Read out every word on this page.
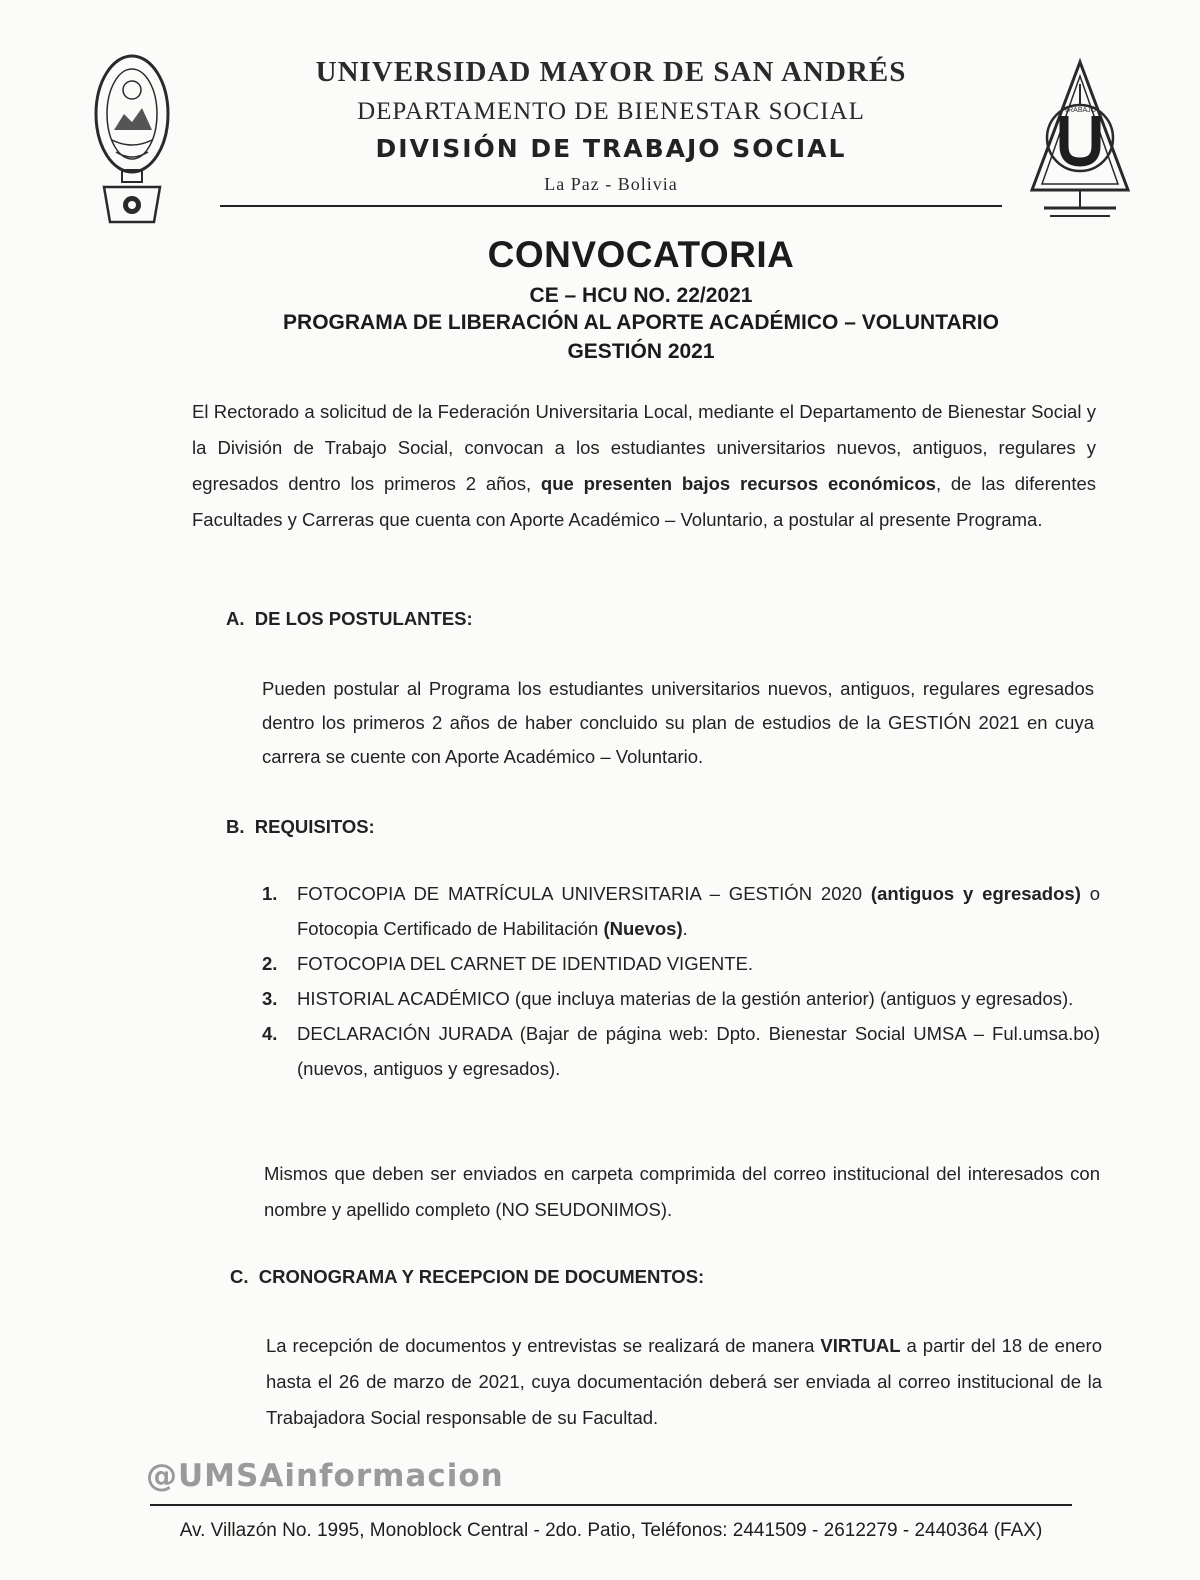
TRABAJO
UNIVERSIDAD MAYOR DE SAN ANDRÉS
DEPARTAMENTO DE BIENESTAR SOCIAL
DIVISIÓN DE TRABAJO SOCIAL
La Paz - Bolivia
CONVOCATORIA
CE – HCU NO. 22/2021
PROGRAMA DE LIBERACIÓN AL APORTE ACADÉMICO – VOLUNTARIO
GESTIÓN 2021
El Rectorado a solicitud de la Federación Universitaria Local, mediante el Departamento de Bienestar Social y la División de Trabajo Social, convocan a los estudiantes universitarios nuevos, antiguos, regulares y egresados dentro los primeros 2 años, que presenten bajos recursos económicos, de las diferentes Facultades y Carreras que cuenta con Aporte Académico – Voluntario, a postular al presente Programa.
A.  DE LOS POSTULANTES:
Pueden postular al Programa los estudiantes universitarios nuevos, antiguos, regulares egresados dentro los primeros 2 años de haber concluido su plan de estudios de la GESTIÓN 2021 en cuya carrera se cuente con Aporte Académico – Voluntario.
B.  REQUISITOS:
1. FOTOCOPIA DE MATRÍCULA UNIVERSITARIA – GESTIÓN 2020 (antiguos y egresados) o Fotocopia Certificado de Habilitación (Nuevos).
2. FOTOCOPIA DEL CARNET DE IDENTIDAD VIGENTE.
3. HISTORIAL ACADÉMICO (que incluya materias de la gestión anterior) (antiguos y egresados).
4. DECLARACIÓN JURADA (Bajar de página web: Dpto. Bienestar Social UMSA – Ful.umsa.bo) (nuevos, antiguos y egresados).
Mismos que deben ser enviados en carpeta comprimida del correo institucional del interesados con nombre y apellido completo (NO SEUDONIMOS).
C.  CRONOGRAMA Y RECEPCION DE DOCUMENTOS:
La recepción de documentos y entrevistas se realizará de manera VIRTUAL a partir del 18 de enero hasta el 26 de marzo de 2021, cuya documentación deberá ser enviada al correo institucional de la Trabajadora Social responsable de su Facultad.
@UMSAinformacion
Av. Villazón No. 1995, Monoblock Central - 2do. Patio, Teléfonos: 2441509 - 2612279 - 2440364 (FAX)
